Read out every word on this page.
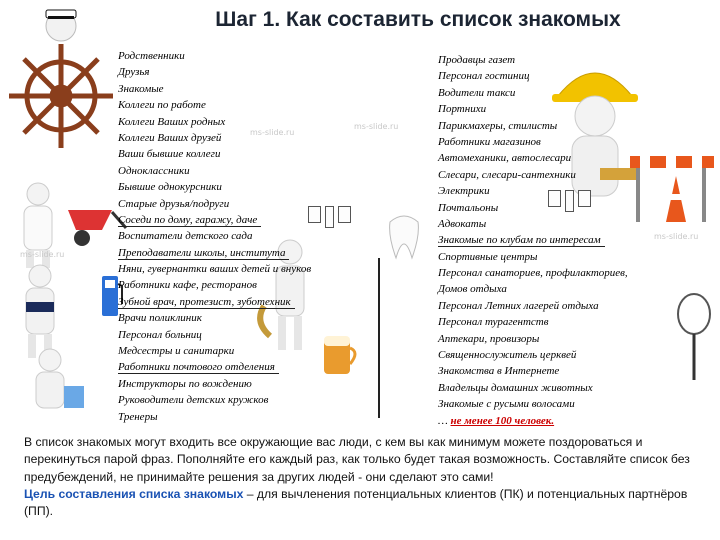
Шаг 1. Как составить список знакомых
ms-slide.ru
ms-slide.ru
ms-slide.ru
ms-slide.ru
Родственники
Друзья
Знакомые
Коллеги по работе
Коллеги Ваших родных
Коллеги Ваших друзей
Ваши бывшие коллеги
Одноклассники
Бывшие однокурсники
Старые друзья/подруги
Соседи по дому, гаражу, даче
Воспитатели детского сада
Преподаватели школы, института
Няни, гувернантки ваших детей и внуков
Работники кафе, ресторанов
Зубной врач, протезист, зуботехник
Врачи поликлиник
Персонал больниц
Медсестры и санитарки
Работники почтового отделения
Инструкторы по вождению
Руководители детских кружков
Тренеры
Продавцы газет
Персонал гостиниц
Водители такси
Портнихи
Парикмахеры, стилисты
Работники магазинов
Автомеханики, автослесари
Слесари, слесари-сантехники
Электрики
Почтальоны
Адвокаты
Знакомые по клубам по интересам
Спортивные центры
Персонал санаториев, профилакториев,
Домов отдыха
Персонал Летних лагерей отдыха
Персонал турагентств
Аптекари, провизоры
Священнослужитель церквей
Знакомства в Интернете
Владельцы домашних животных
Знакомые с русыми волосами
… не менее 100 человек.

В список знакомых могут входить все окружающие вас люди, с кем вы как минимум можете поздороваться и перекинуться парой фраз. Пополняйте его каждый раз, как только будет такая возможность. Составляйте список без предубеждений, не принимайте решения за других людей - они сделают это сами!

Цель составления списка знакомых – для вычленения потенциальных клиентов (ПК) и потенциальных партнёров (ПП).
